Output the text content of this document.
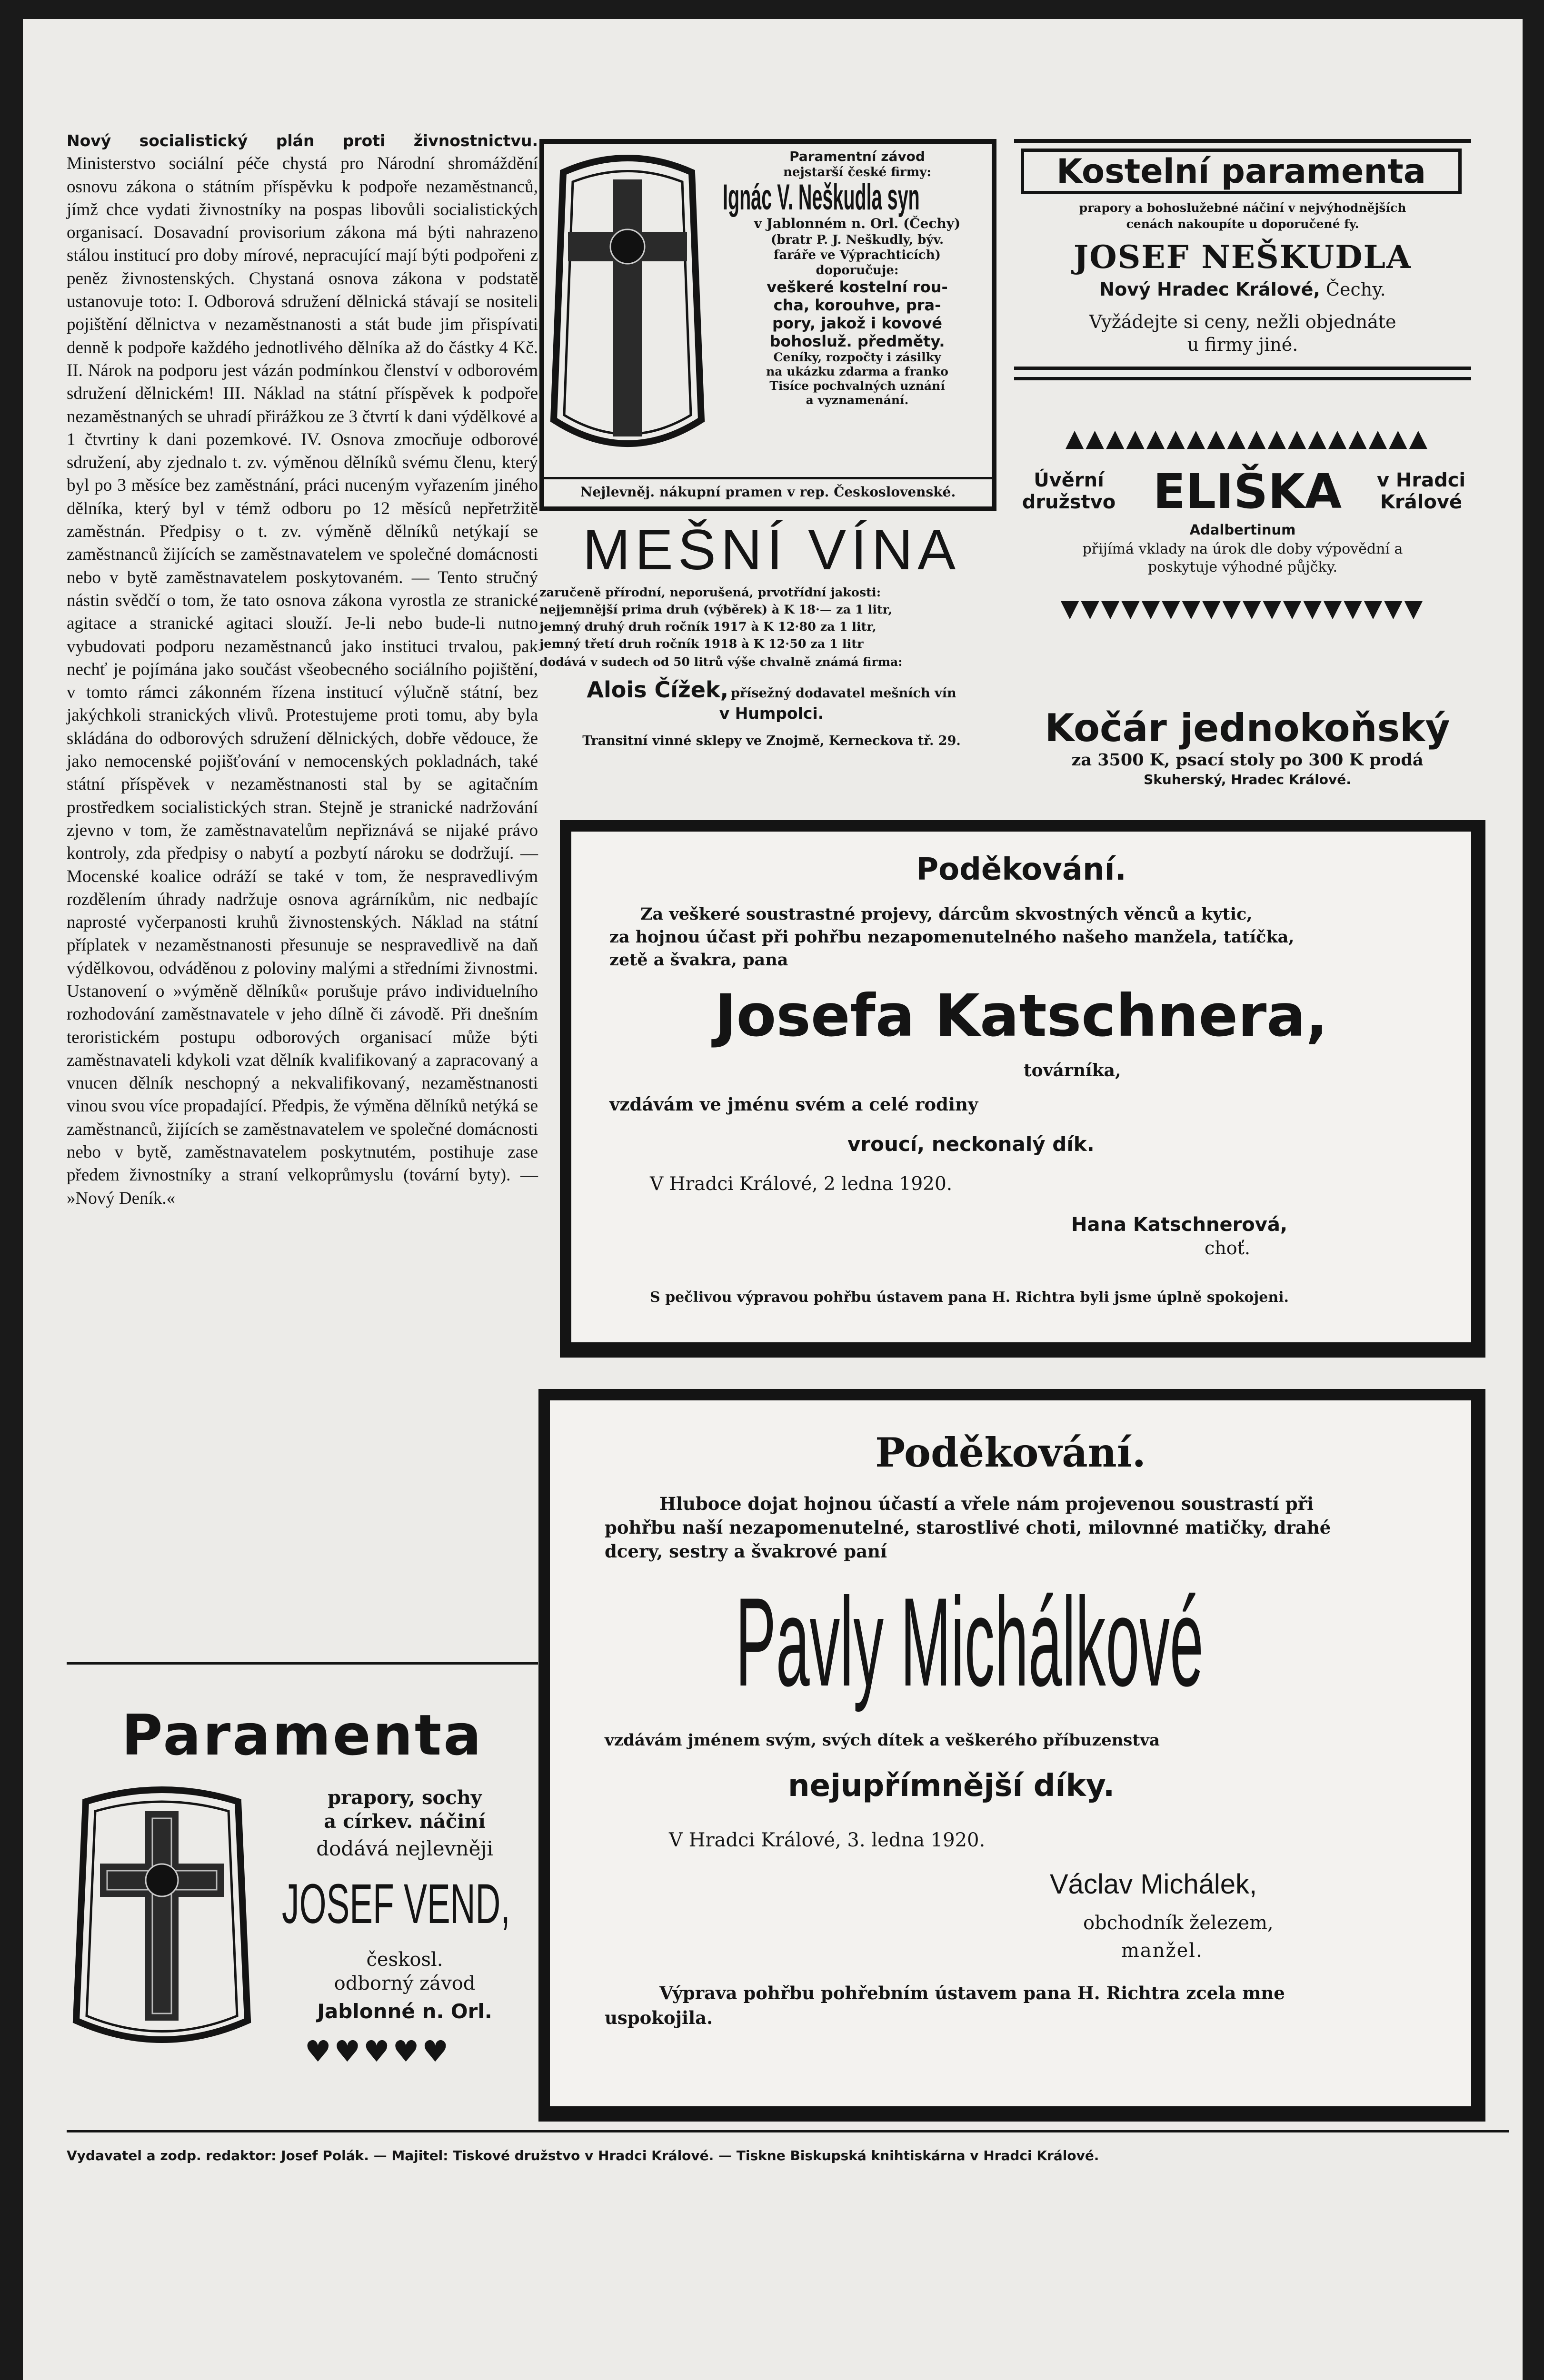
Nový socialistický plán proti živnostnictvu. Ministerstvo sociální péče chystá pro Národní shromáždění osnovu zákona o státním příspěvku k podpoře nezaměstnanců, jímž chce vydati živnostníky na pospas libovůli socialistických organisací. Dosavadní provisorium zákona má býti nahrazeno stálou institucí pro doby mírové, nepracující mají býti podpořeni z peněz živnostenských. Chystaná osnova zákona v podstatě ustanovuje toto: I. Odborová sdružení dělnická stávají se nositeli pojištění dělnictva v nezaměstnanosti a stát bude jim přispívati denně k podpoře každého jednotlivého dělníka až do částky 4 Kč. II. Nárok na podporu jest vázán podmínkou členství v odborovém sdružení dělnickém! III. Náklad na státní příspěvek k podpoře nezaměstnaných se uhradí přirážkou ze 3 čtvrtí k dani výdělkové a 1 čtvrtiny k dani pozemkové. IV. Osnova zmocňuje odborové sdružení, aby zjednalo t. zv. výměnou dělníků svému členu, který byl po 3 měsíce bez zaměstnání, práci nuceným vyřazením jiného dělníka, který byl v témž odboru po 12 měsíců nepřetržitě zaměstnán. Předpisy o t. zv. výměně dělníků netýkají se zaměstnanců žijících se zaměstnavatelem ve společné domácnosti nebo v bytě zaměstnavatelem poskytovaném. — Tento stručný nástin svědčí o tom, že tato osnova zákona vyrostla ze stranické agitace a stranické agitaci slouží. Je-li nebo bude-li nutno vybudovati podporu nezaměstnanců jako instituci trvalou, pak nechť je pojímána jako součást všeobecného sociálního pojištění, v tomto rámci zákonném řízena institucí výlučně státní, bez jakýchkoli stranických vlivů. Protestujeme proti tomu, aby byla skládána do odborových sdružení dělnických, dobře vědouce, že jako nemocenské pojišťování v nemocenských pokladnách, také státní příspěvek v nezaměstnanosti stal by se agitačním prostředkem socialistických stran. Stejně je stranické nadržování zjevno v tom, že zaměstnavatelům nepřiznává se nijaké právo kontroly, zda předpisy o nabytí a pozbytí nároku se dodržují. — Mocenské koalice odráží se také v tom, že nespravedlivým rozdělením úhrady nadržuje osnova agrárníkům, nic nedbajíc naprosté vyčerpanosti kruhů živnostenských. Náklad na státní příplatek v nezaměstnanosti přesunuje se nespravedlivě na daň výdělkovou, odváděnou z poloviny malými a středními živnostmi. Ustanovení o »výměně dělníků« porušuje právo individuelního rozhodování zaměstnavatele v jeho dílně či závodě. Při dnešním teroristickém postupu odborových organisací může býti zaměstnavateli kdykoli vzat dělník kvalifikovaný a zapracovaný a vnucen dělník neschopný a nekvalifikovaný, nezaměstnanosti vinou svou více propadající. Předpis, že výměna dělníků netýká se zaměstnanců, žijících se zaměstnavatelem ve společné domácnosti nebo v bytě, zaměstnavatelem poskytnutém, postihuje zase předem živnostníky a straní velkoprůmyslu (tovární byty). — »Nový Deník.«

Paramenta
prapory, sochy
a církev. náčiní
dodává nejlevněji
JOSEF VEND,
českosl.
odborný závod
Jablonné n. Orl.
♥♥♥♥♥
Paramentní závod
nejstarší české firmy:
Ignác V. Neškudla syn
v Jablonném n. Orl. (Čechy)
(bratr P. J. Neškudly, býv.
faráře ve Výprachticích)
doporučuje:
veškeré kostelní rou-
cha, korouhve, pra-
pory, jakož i kovové
bohosluž. předměty.
Ceníky, rozpočty i zásilky
na ukázku zdarma a franko
Tisíce pochvalných uznání
a vyznamenání.
Nejlevněj. nákupní pramen v rep. Československé.
Kostelní paramenta
prapory a bohoslužebné náčiní v nejvýhodnějších
cenách nakoupíte u doporučené fy.
JOSEF NEŠKUDLA
Nový Hradec Králové, Čechy.
Vyžádejte si ceny, nežli objednáte
u firmy jiné.
MEŠNÍ VÍNA
zaručeně přírodní, neporušená, prvotřídní jakosti:
nejjemnější prima druh (výběrek) à K 18·— za 1 litr,
jemný druhý druh ročník 1917 à K 12·80 za 1 litr,
jemný třetí druh ročník 1918 à K 12·50 za 1 litr
dodává v sudech od 50 litrů výše chvalně známá firma:
Alois Čížek, přísežný dodavatel mešních vín
v Humpolci.
Transitní vinné sklepy ve Znojmě, Kerneckova tř. 29.
▲▲▲▲▲▲▲▲▲▲▲▲▲▲▲▲▲▲
Úvěrní
družstvo ELIŠKA	v Hradci
Králové
Adalbertinum
přijímá vklady na úrok dle doby výpovědní a
poskytuje výhodné půjčky.
▼▼▼▼▼▼▼▼▼▼▼▼▼▼▼▼▼▼
Kočár jednokoňský
za 3500 K, psací stoly po 300 K prodá
Skuherský, Hradec Králové.
Poděkování.
Za veškeré soustrastné projevy, dárcům skvostných věnců a kytic,
za hojnou účast při pohřbu nezapomenutelného našeho manžela, tatíčka,
zetě a švakra, pana
Josefa Katschnera,
továrníka,
vzdávám ve jménu svém a celé rodiny
vroucí, neckonalý dík.
V Hradci Králové, 2 ledna 1920.
Hana Katschnerová,
choť.
S pečlivou výpravou pohřbu ústavem pana H. Richtra byli jsme úplně spokojeni.
Poděkování.
Hluboce dojat hojnou účastí a vřele nám projevenou soustrastí při
pohřbu naší nezapomenutelné, starostlivé choti, milovnné matičky, drahé
dcery, sestry a švakrové paní
Pavly Michálkové
vzdávám jménem svým, svých dítek a veškerého příbuzenstva
nejupřímnější díky.
V Hradci Králové, 3. ledna 1920.
Václav Michálek,
obchodník železem,
manžel.
Výprava pohřbu pohřebním ústavem pana H. Richtra zcela mne
uspokojila.
Vydavatel a zodp. redaktor: Josef Polák. — Majitel: Tiskové družstvo v Hradci Králové. — Tiskne Biskupská knihtiskárna v Hradci Králové.
